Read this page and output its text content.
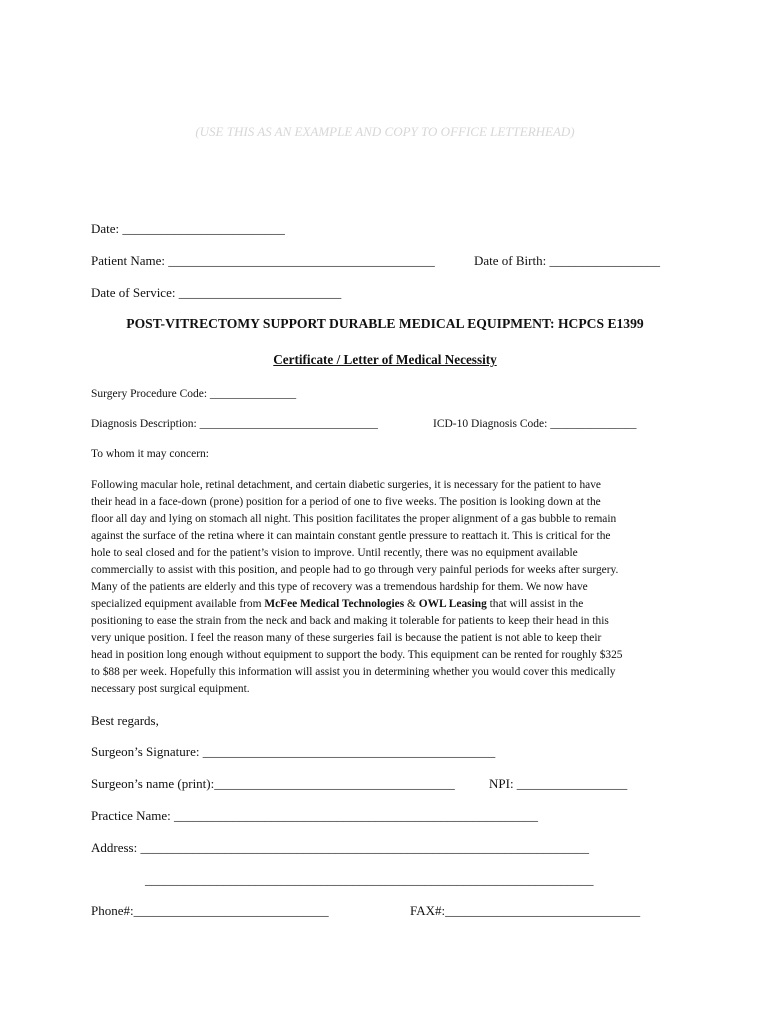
(USE THIS AS AN EXAMPLE AND COPY TO OFFICE LETTERHEAD)
Date: _________________________
Patient Name: _________________________________________	Date of Birth: _________________
Date of Service: _________________________
POST-VITRECTOMY SUPPORT DURABLE MEDICAL EQUIPMENT: HCPCS E1399
Certificate / Letter of Medical Necessity
Surgery Procedure Code: _______________
Diagnosis Description: _______________________________	ICD-10 Diagnosis Code: _______________
To whom it may concern:
Following macular hole, retinal detachment, and certain diabetic surgeries, it is necessary for the patient to have
their head in a face-down (prone) position for a period of one to five weeks. The position is looking down at the
floor all day and lying on stomach all night. This position facilitates the proper alignment of a gas bubble to remain
against the surface of the retina where it can maintain constant gentle pressure to reattach it. This is critical for the
hole to seal closed and for the patient’s vision to improve. Until recently, there was no equipment available
commercially to assist with this position, and people had to go through very painful periods for weeks after surgery.
Many of the patients are elderly and this type of recovery was a tremendous hardship for them. We now have
specialized equipment available from McFee Medical Technologies & OWL Leasing that will assist in the
positioning to ease the strain from the neck and back and making it tolerable for patients to keep their head in this
very unique position. I feel the reason many of these surgeries fail is because the patient is not able to keep their
head in position long enough without equipment to support the body. This equipment can be rented for roughly $325
to $88 per week. Hopefully this information will assist you in determining whether you would cover this medically
necessary post surgical equipment.
Best regards,
Surgeon’s Signature: _____________________________________________
Surgeon’s name (print):_____________________________________	NPI: _________________
Practice Name: ________________________________________________________
Address: _____________________________________________________________________
_____________________________________________________________________
Phone#:______________________________	FAX#:______________________________
